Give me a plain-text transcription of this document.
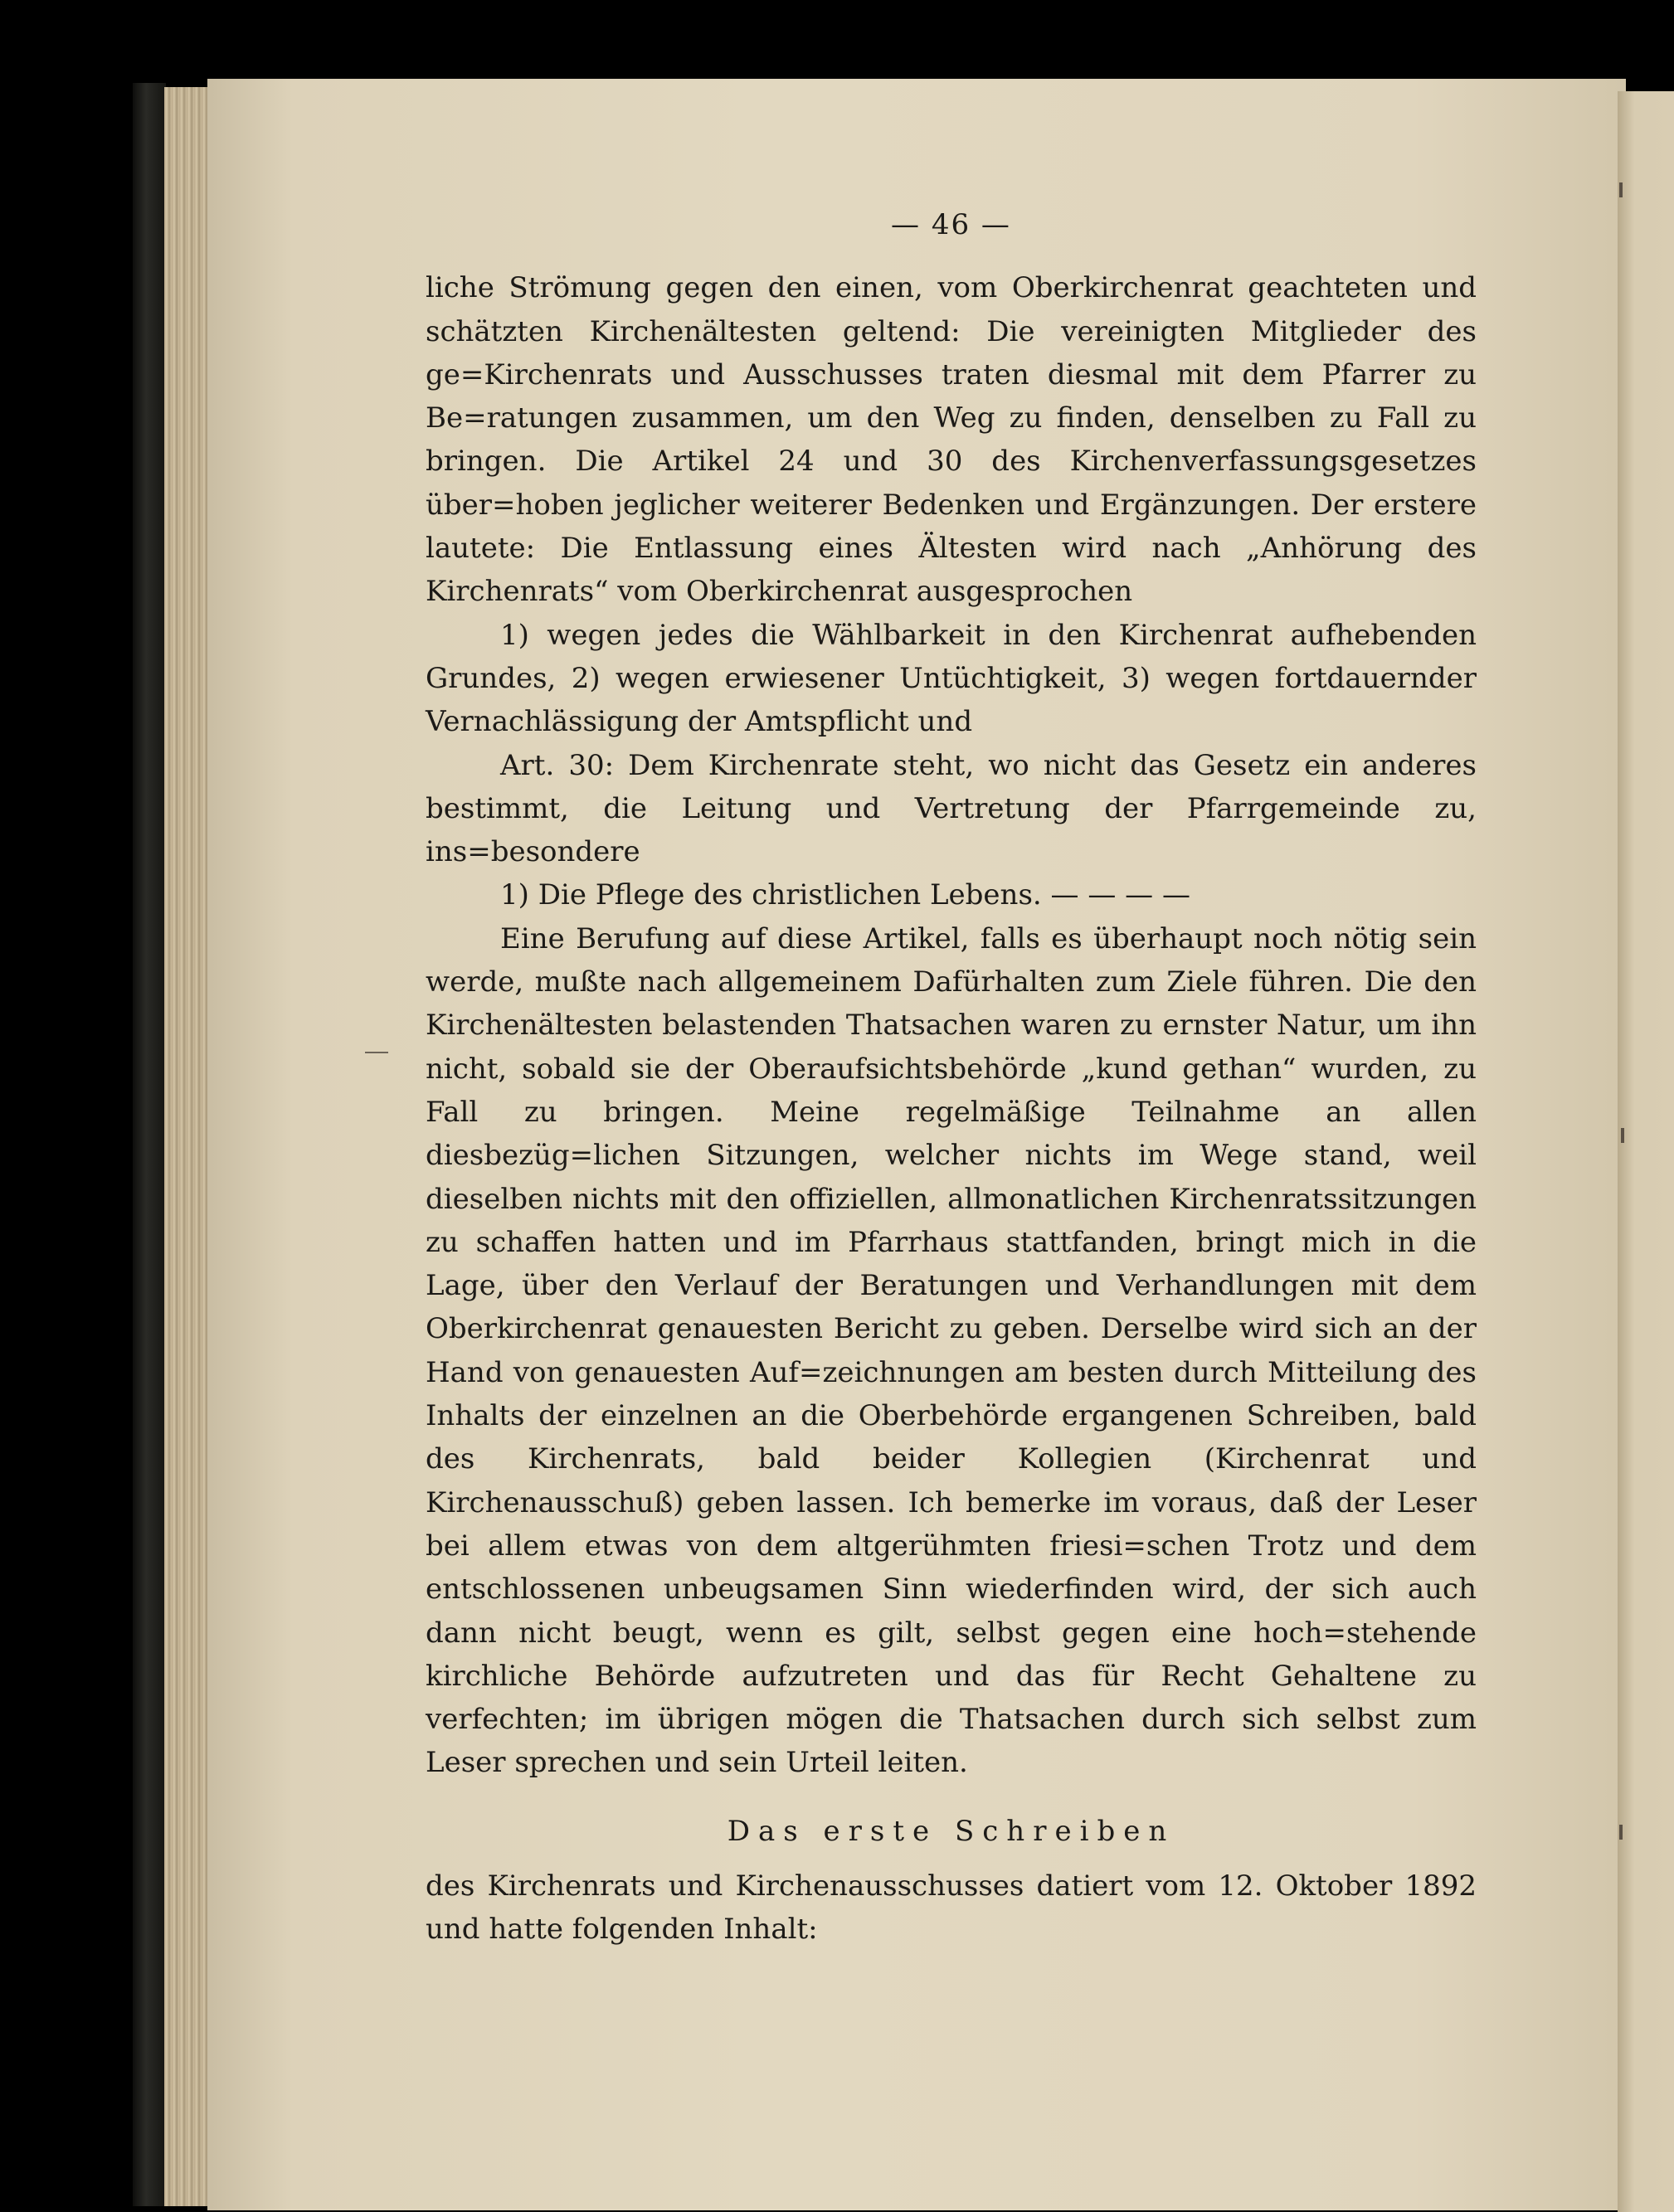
— 46 —

liche Strömung gegen den einen, vom Oberkirchenrat geachteten und schätzten Kirchenältesten geltend: Die vereinigten Mitglieder des ge=Kirchenrats und Ausschusses traten diesmal mit dem Pfarrer zu Be=ratungen zusammen, um den Weg zu finden, denselben zu Fall zu bringen. Die Artikel 24 und 30 des Kirchenverfassungsgesetzes über=hoben jeglicher weiterer Bedenken und Ergänzungen. Der erstere lautete: Die Entlassung eines Ältesten wird nach „Anhörung des Kirchenrats“ vom Oberkirchenrat ausgesprochen

1) wegen jedes die Wählbarkeit in den Kirchenrat aufhebenden Grundes, 2) wegen erwiesener Untüchtigkeit, 3) wegen fortdauernder Vernachlässigung der Amtspflicht und

Art. 30: Dem Kirchenrate steht, wo nicht das Gesetz ein anderes bestimmt, die Leitung und Vertretung der Pfarrgemeinde zu, ins=besondere

1) Die Pflege des christlichen Lebens. — — — —

Eine Berufung auf diese Artikel, falls es überhaupt noch nötig sein werde, mußte nach allgemeinem Dafürhalten zum Ziele führen. Die den Kirchenältesten belastenden Thatsachen waren zu ernster Natur, um ihn nicht, sobald sie der Oberaufsichtsbehörde „kund gethan“ wurden, zu Fall zu bringen. Meine regelmäßige Teilnahme an allen diesbezüg=lichen Sitzungen, welcher nichts im Wege stand, weil dieselben nichts mit den offiziellen, allmonatlichen Kirchenratssitzungen zu schaffen hatten und im Pfarrhaus stattfanden, bringt mich in die Lage, über den Verlauf der Beratungen und Verhandlungen mit dem Oberkirchenrat genauesten Bericht zu geben. Derselbe wird sich an der Hand von genauesten Auf=zeichnungen am besten durch Mitteilung des Inhalts der einzelnen an die Oberbehörde ergangenen Schreiben, bald des Kirchenrats, bald beider Kollegien (Kirchenrat und Kirchenausschuß) geben lassen. Ich bemerke im voraus, daß der Leser bei allem etwas von dem altgerühmten friesi=schen Trotz und dem entschlossenen unbeugsamen Sinn wiederfinden wird, der sich auch dann nicht beugt, wenn es gilt, selbst gegen eine hoch=stehende kirchliche Behörde aufzutreten und das für Recht Gehaltene zu verfechten; im übrigen mögen die Thatsachen durch sich selbst zum Leser sprechen und sein Urteil leiten.

Das erste Schreiben

des Kirchenrats und Kirchenausschusses datiert vom 12. Oktober 1892 und hatte folgenden Inhalt:
